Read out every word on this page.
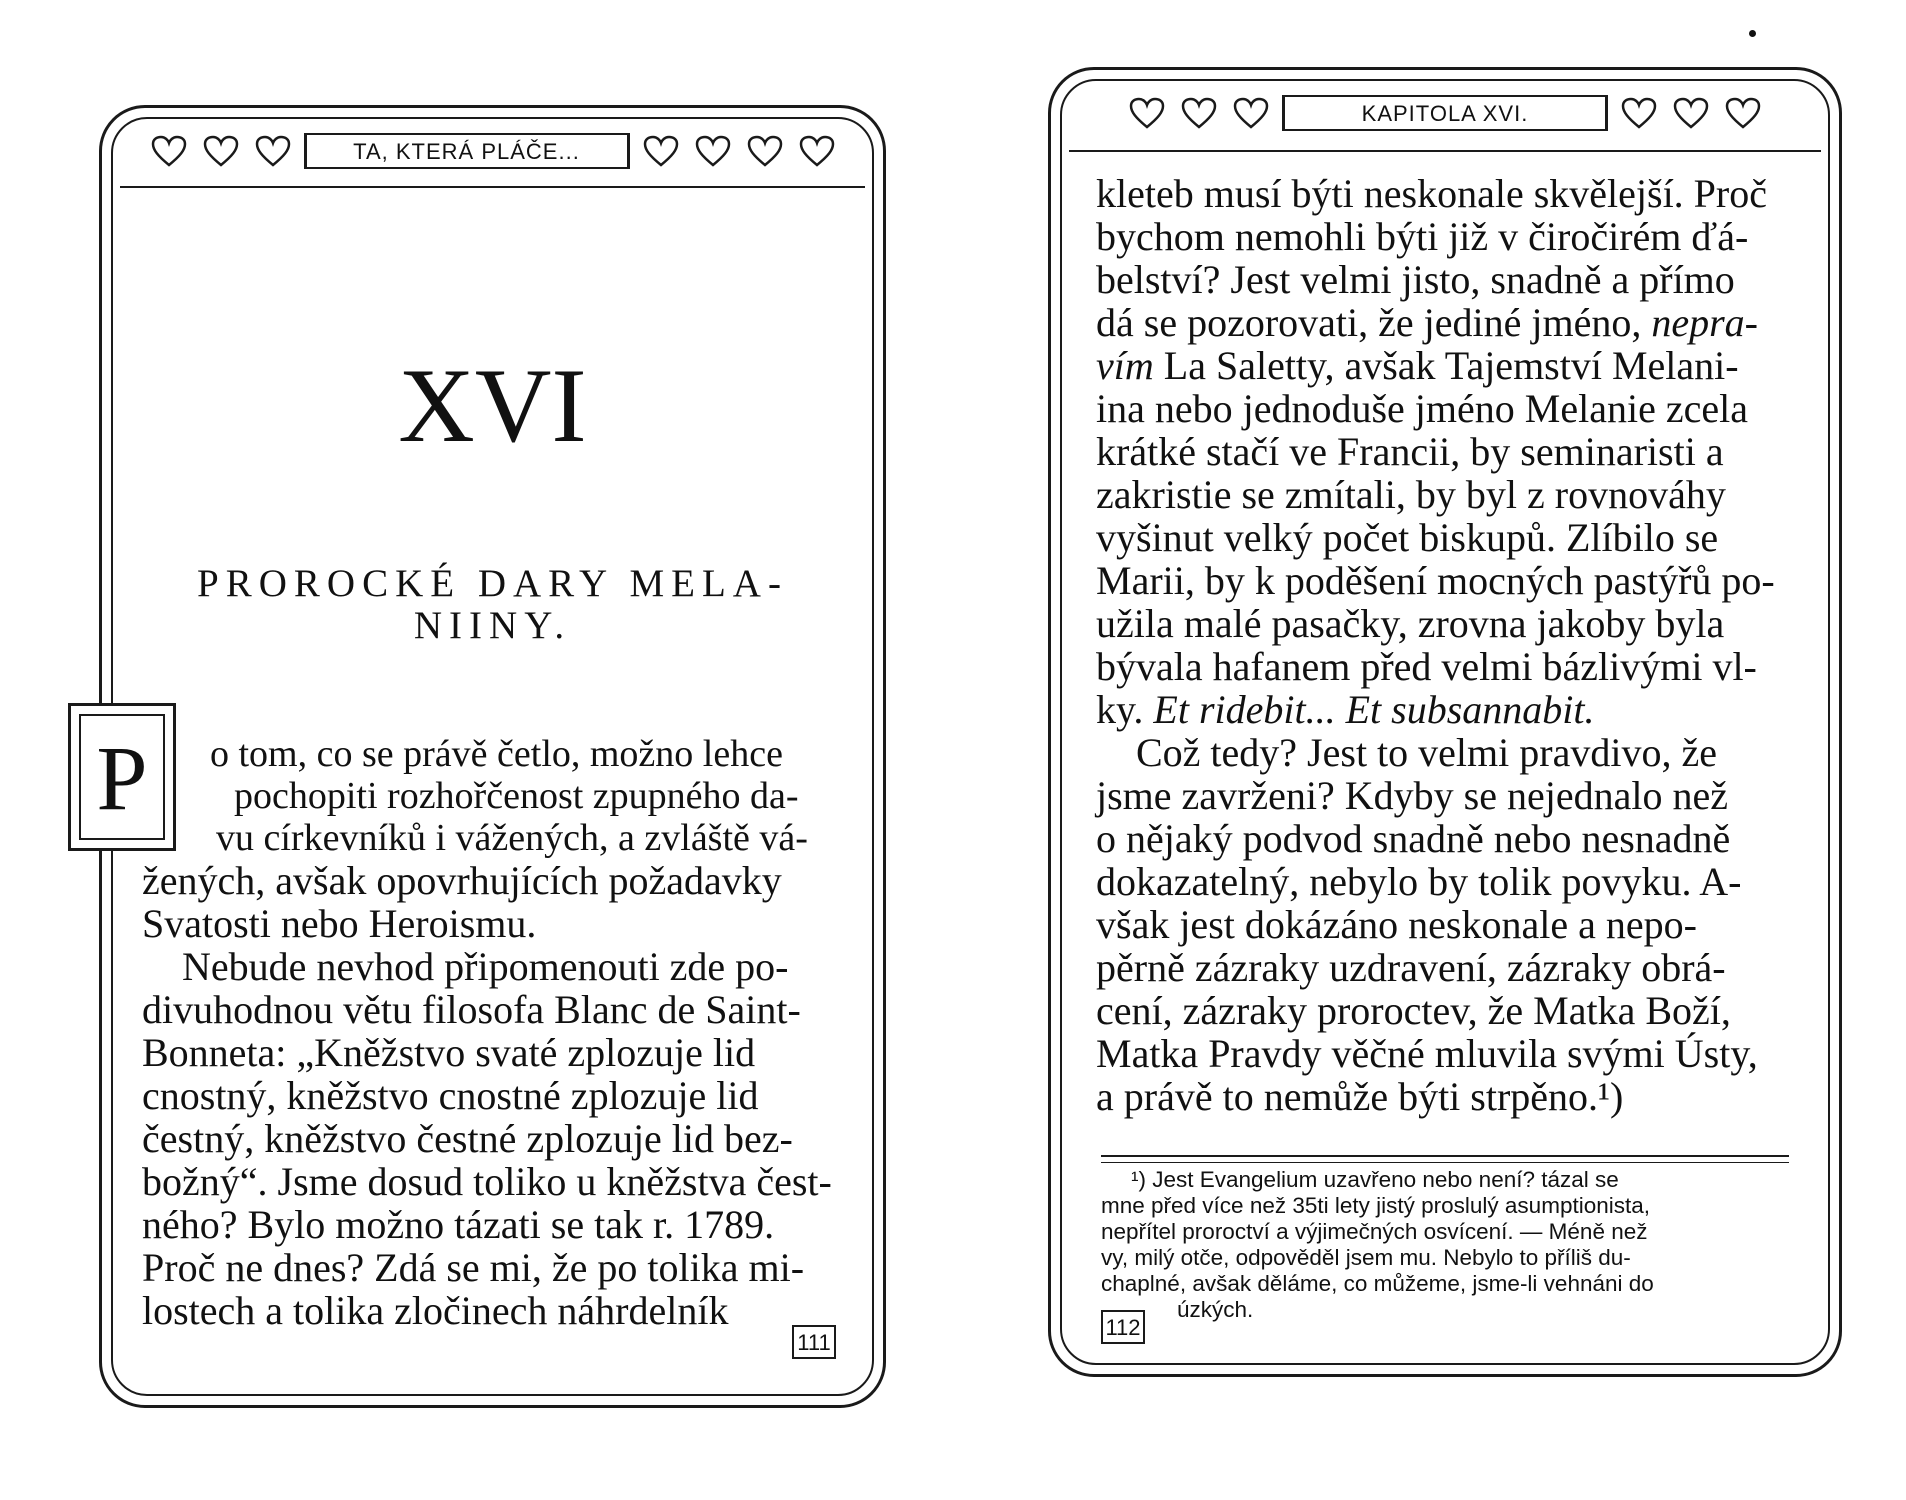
TA, KTERÁ PLÁČE...
XVI
PROROCKÉ DARY MELA-
NIINY.
P	o tom, co se právě četlo, možno lehce
pochopiti rozhořčenost zpupného da-
vu církevníků i vážených, a zvláště vá-
žených, avšak opovrhujících požadavky
Svatosti nebo Heroismu.
Nebude nevhod připomenouti zde po-
divuhodnou větu filosofa Blanc de Saint-
Bonneta: „Kněžstvo svaté zplozuje lid
cnostný, kněžstvo cnostné zplozuje lid
čestný, kněžstvo čestné zplozuje lid bez-
božný“. Jsme dosud toliko u kněžstva čest-
ného? Bylo možno tázati se tak r. 1789.
Proč ne dnes? Zdá se mi, že po tolika mi-
lostech a tolika zločinech náhrdelník
111
KAPITOLA XVI.
kleteb musí býti neskonale skvělejší. Proč
bychom nemohli býti již v čiročirém ďá-
belství? Jest velmi jisto, snadně a přímo
dá se pozorovati, že jediné jméno, nepra-
vím La Saletty, avšak Tajemství Melani-
ina nebo jednoduše jméno Melanie zcela
krátké stačí ve Francii, by seminaristi a
zakristie se zmítali, by byl z rovnováhy
vyšinut velký počet biskupů. Zlíbilo se
Marii, by k poděšení mocných pastýřů po-
užila malé pasačky, zrovna jakoby byla
bývala hafanem před velmi bázlivými vl-
ky. Et ridebit... Et subsannabit.
Což tedy? Jest to velmi pravdivo, že
jsme zavrženi? Kdyby se nejednalo než
o nějaký podvod snadně nebo nesnadně
dokazatelný, nebylo by tolik povyku. A-
však jest dokázáno neskonale a nepo-
pěrně zázraky uzdravení, zázraky obrá-
cení, zázraky proroctev, že Matka Boží,
Matka Pravdy věčné mluvila svými Ústy,
a právě to nemůže býti strpěno.¹)
¹) Jest Evangelium uzavřeno nebo není? tázal se
mne před více než 35ti lety jistý proslulý asumptionista,
nepřítel proroctví a výjimečných osvícení. — Méně než
vy, milý otče, odpověděl jsem mu. Nebylo to příliš du-
chaplné, avšak děláme, co můžeme, jsme-li vehnáni do
úzkých.
112
